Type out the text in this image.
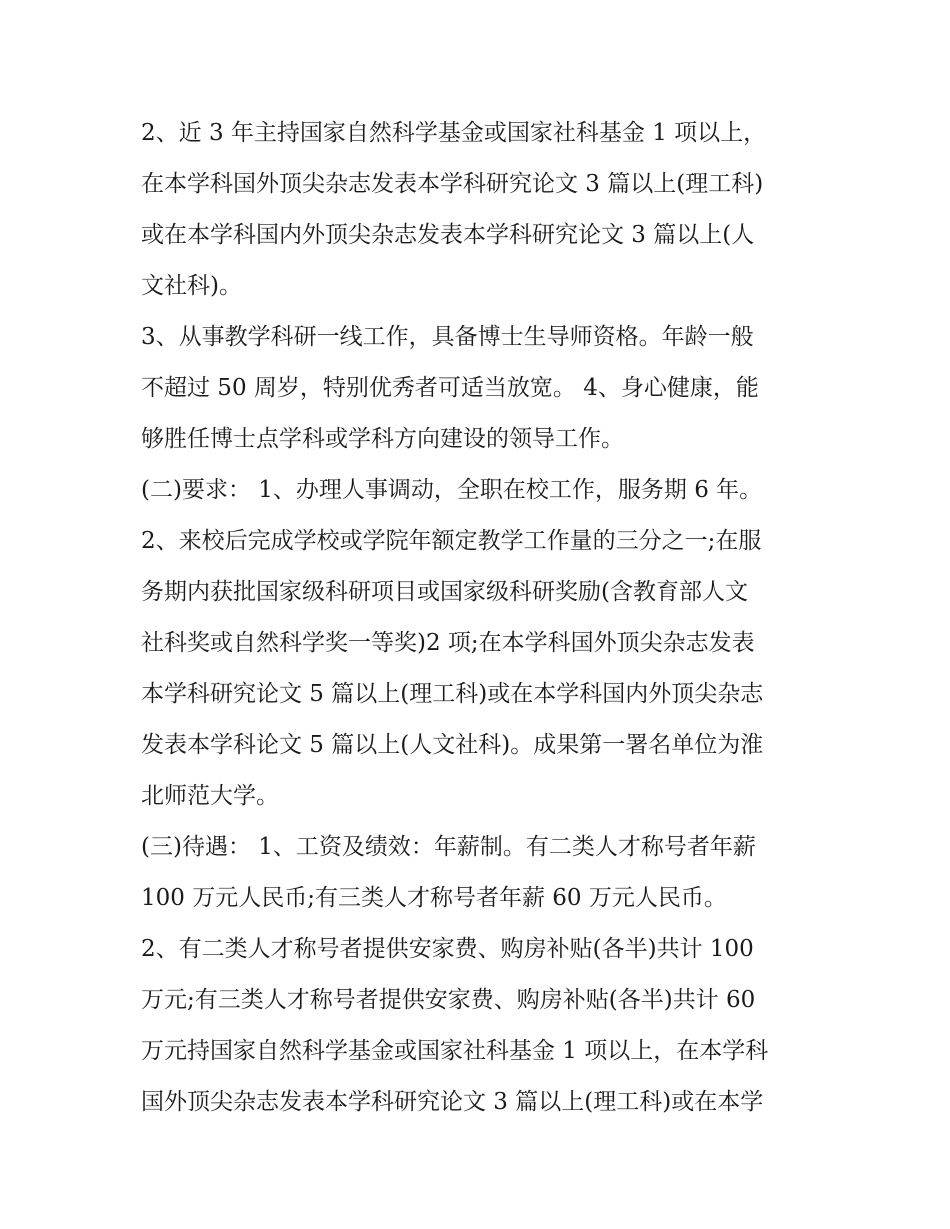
2、近 3 年主持国家自然科学基金或国家社科基金 1 项以上，
在本学科国外顶尖杂志发表本学科研究论文 3 篇以上(理工科)
或在本学科国内外顶尖杂志发表本学科研究论文 3 篇以上(人
文社科)。
3、从事教学科研一线工作，具备博士生导师资格。年龄一般
不超过 50 周岁，特别优秀者可适当放宽。 4、身心健康，能
够胜任博士点学科或学科方向建设的领导工作。
(二)要求： 1、办理人事调动，全职在校工作，服务期 6 年。
2、来校后完成学校或学院年额定教学工作量的三分之一;在服
务期内获批国家级科研项目或国家级科研奖励(含教育部人文
社科奖或自然科学奖一等奖)2 项;在本学科国外顶尖杂志发表
本学科研究论文 5 篇以上(理工科)或在本学科国内外顶尖杂志
发表本学科论文 5 篇以上(人文社科)。成果第一署名单位为淮
北师范大学。
(三)待遇： 1、工资及绩效：年薪制。有二类人才称号者年薪
100 万元人民币;有三类人才称号者年薪 60 万元人民币。
2、有二类人才称号者提供安家费、购房补贴(各半)共计 100
万元;有三类人才称号者提供安家费、购房补贴(各半)共计 60
万元持国家自然科学基金或国家社科基金 1 项以上，在本学科
国外顶尖杂志发表本学科研究论文 3 篇以上(理工科)或在本学
